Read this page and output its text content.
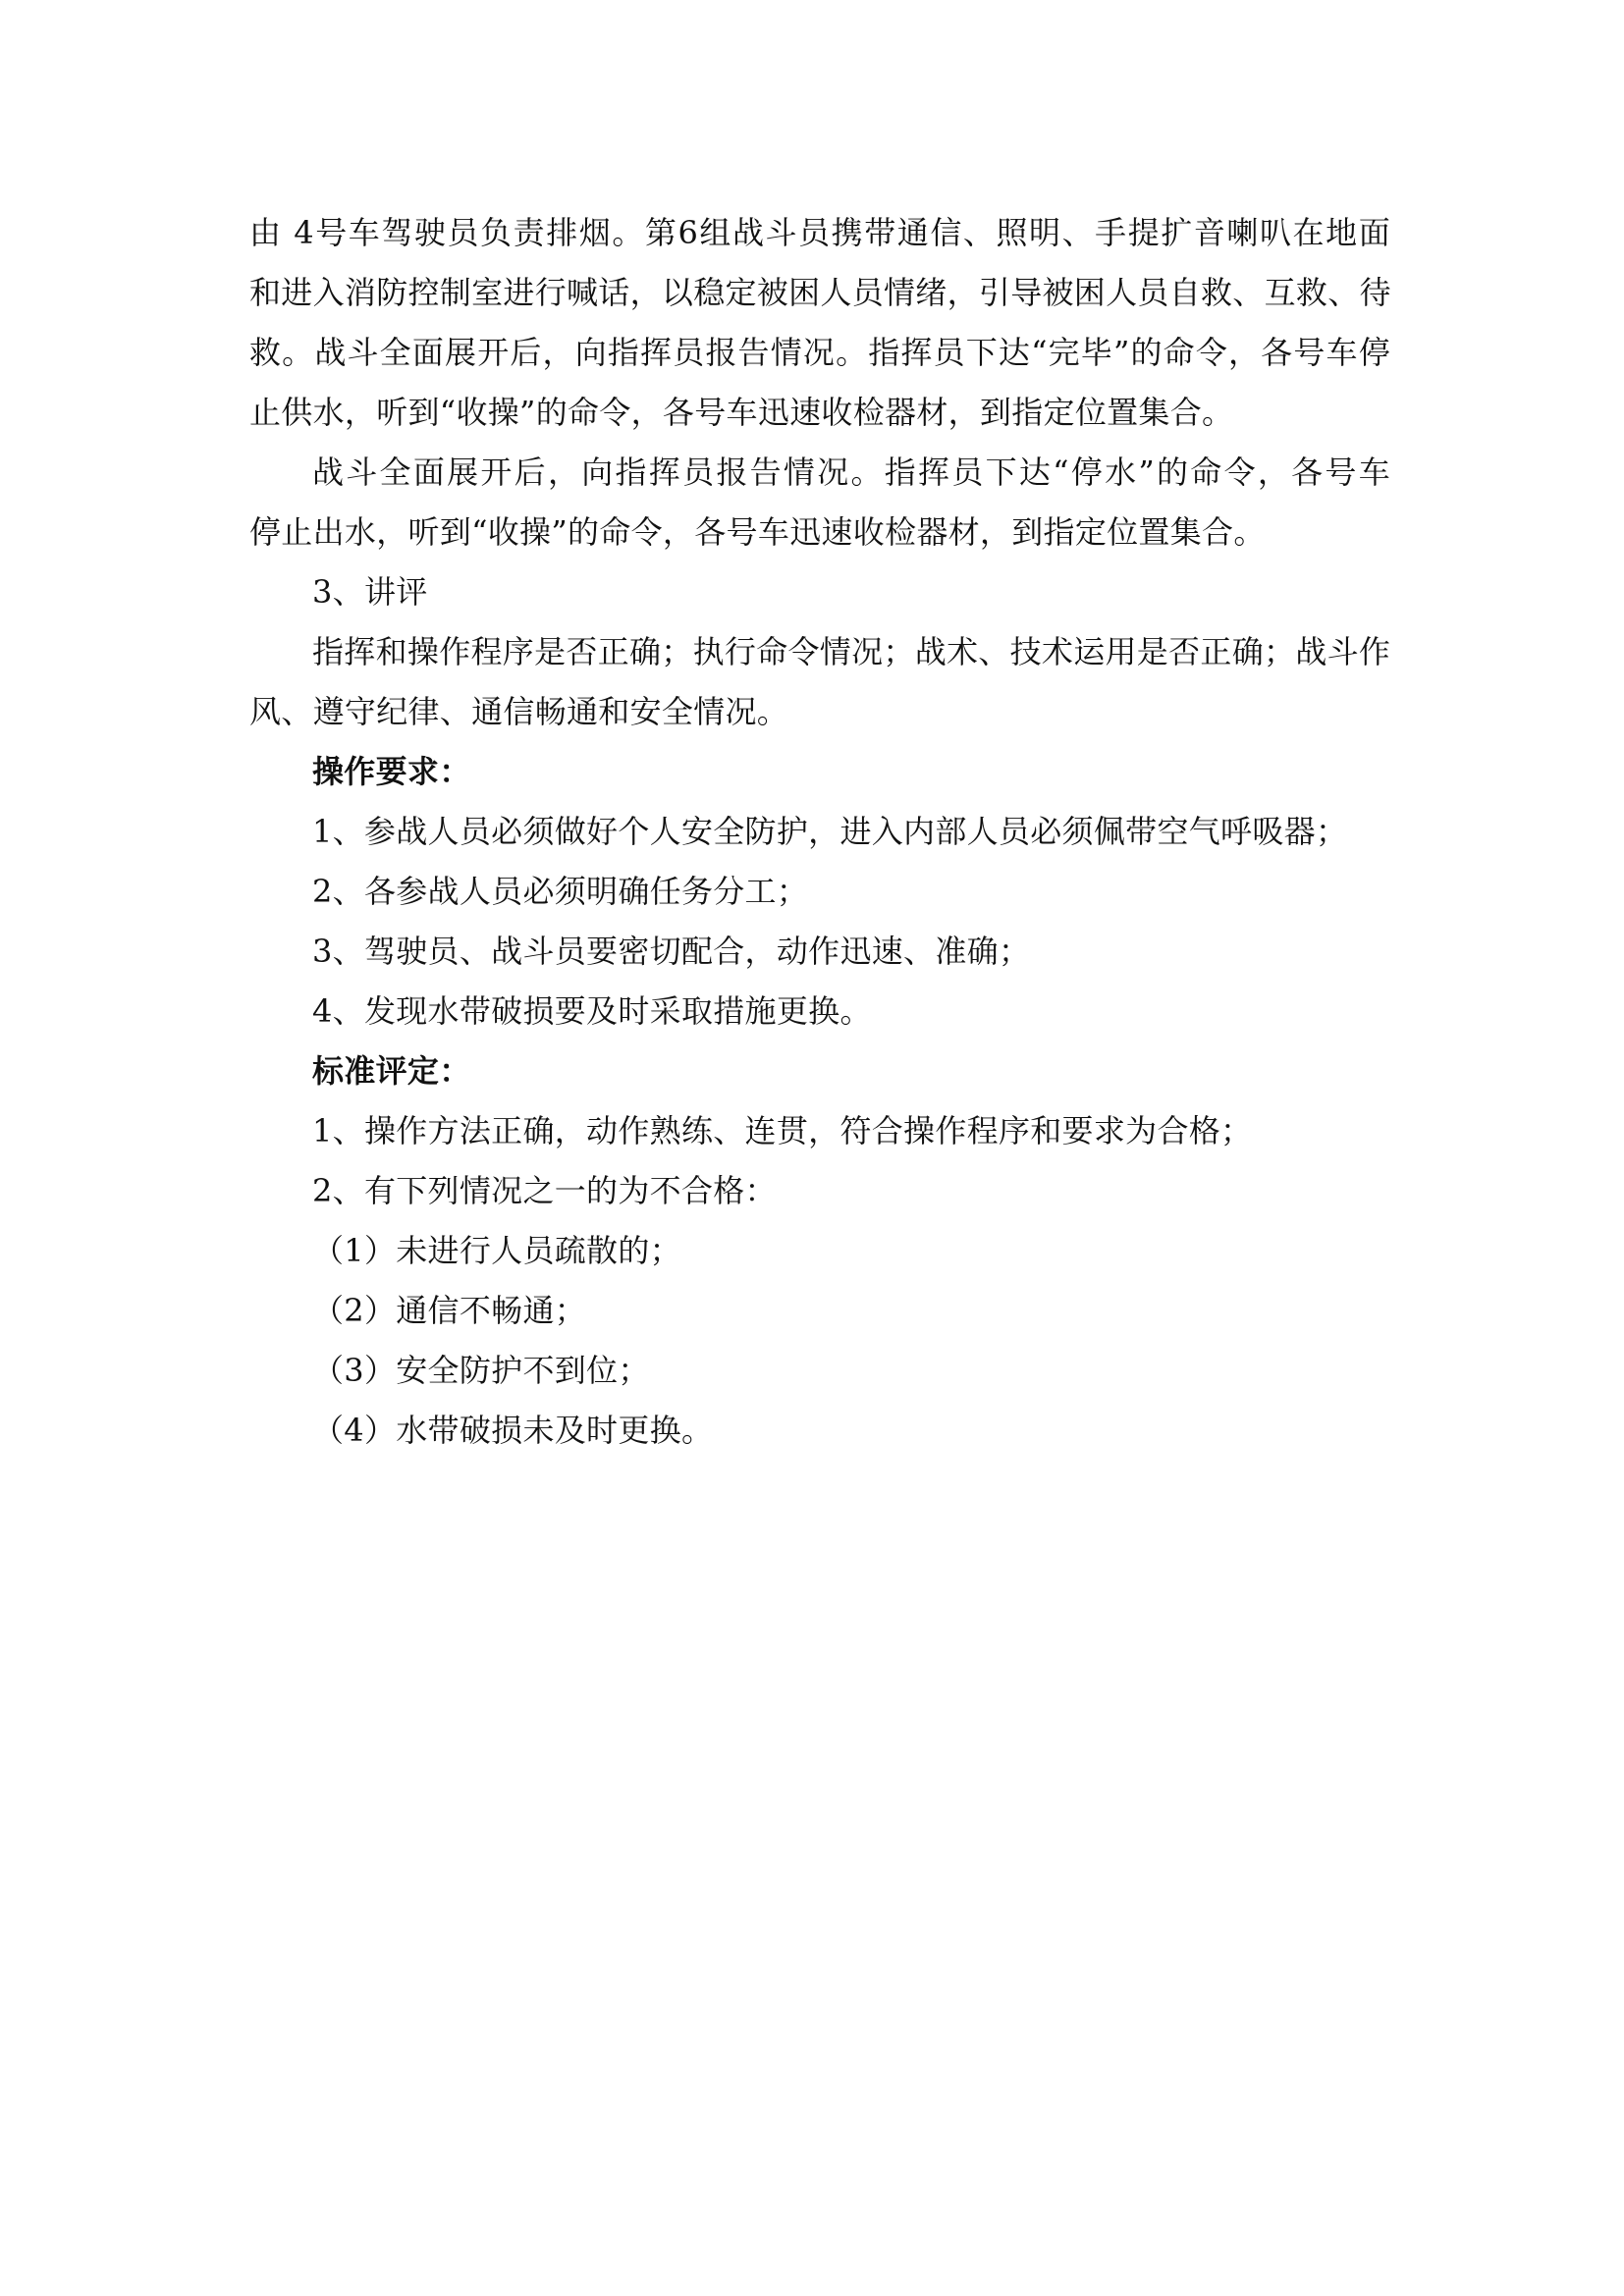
由 4号车驾驶员负责排烟。第6组战斗员携带通信、照明、手提扩音喇叭在地面
和进入消防控制室进行喊话，以稳定被困人员情绪，引导被困人员自救、互救、待
救。战斗全面展开后，向指挥员报告情况。指挥员下达“完毕”的命令，各号车停
止供水，听到“收操”的命令，各号车迅速收检器材，到指定位置集合。
战斗全面展开后，向指挥员报告情况。指挥员下达“停水”的命令，各号车
停止出水，听到“收操”的命令，各号车迅速收检器材，到指定位置集合。
3、讲评
指挥和操作程序是否正确；执行命令情况；战术、技术运用是否正确；战斗作
风、遵守纪律、通信畅通和安全情况。
操作要求：
1、参战人员必须做好个人安全防护，进入内部人员必须佩带空气呼吸器；
2、各参战人员必须明确任务分工；
3、驾驶员、战斗员要密切配合，动作迅速、准确；
4、发现水带破损要及时采取措施更换。
标准评定：
1、操作方法正确，动作熟练、连贯，符合操作程序和要求为合格；
2、有下列情况之一的为不合格：
（1）未进行人员疏散的；
（2）通信不畅通；
（3）安全防护不到位；
（4）水带破损未及时更换。
